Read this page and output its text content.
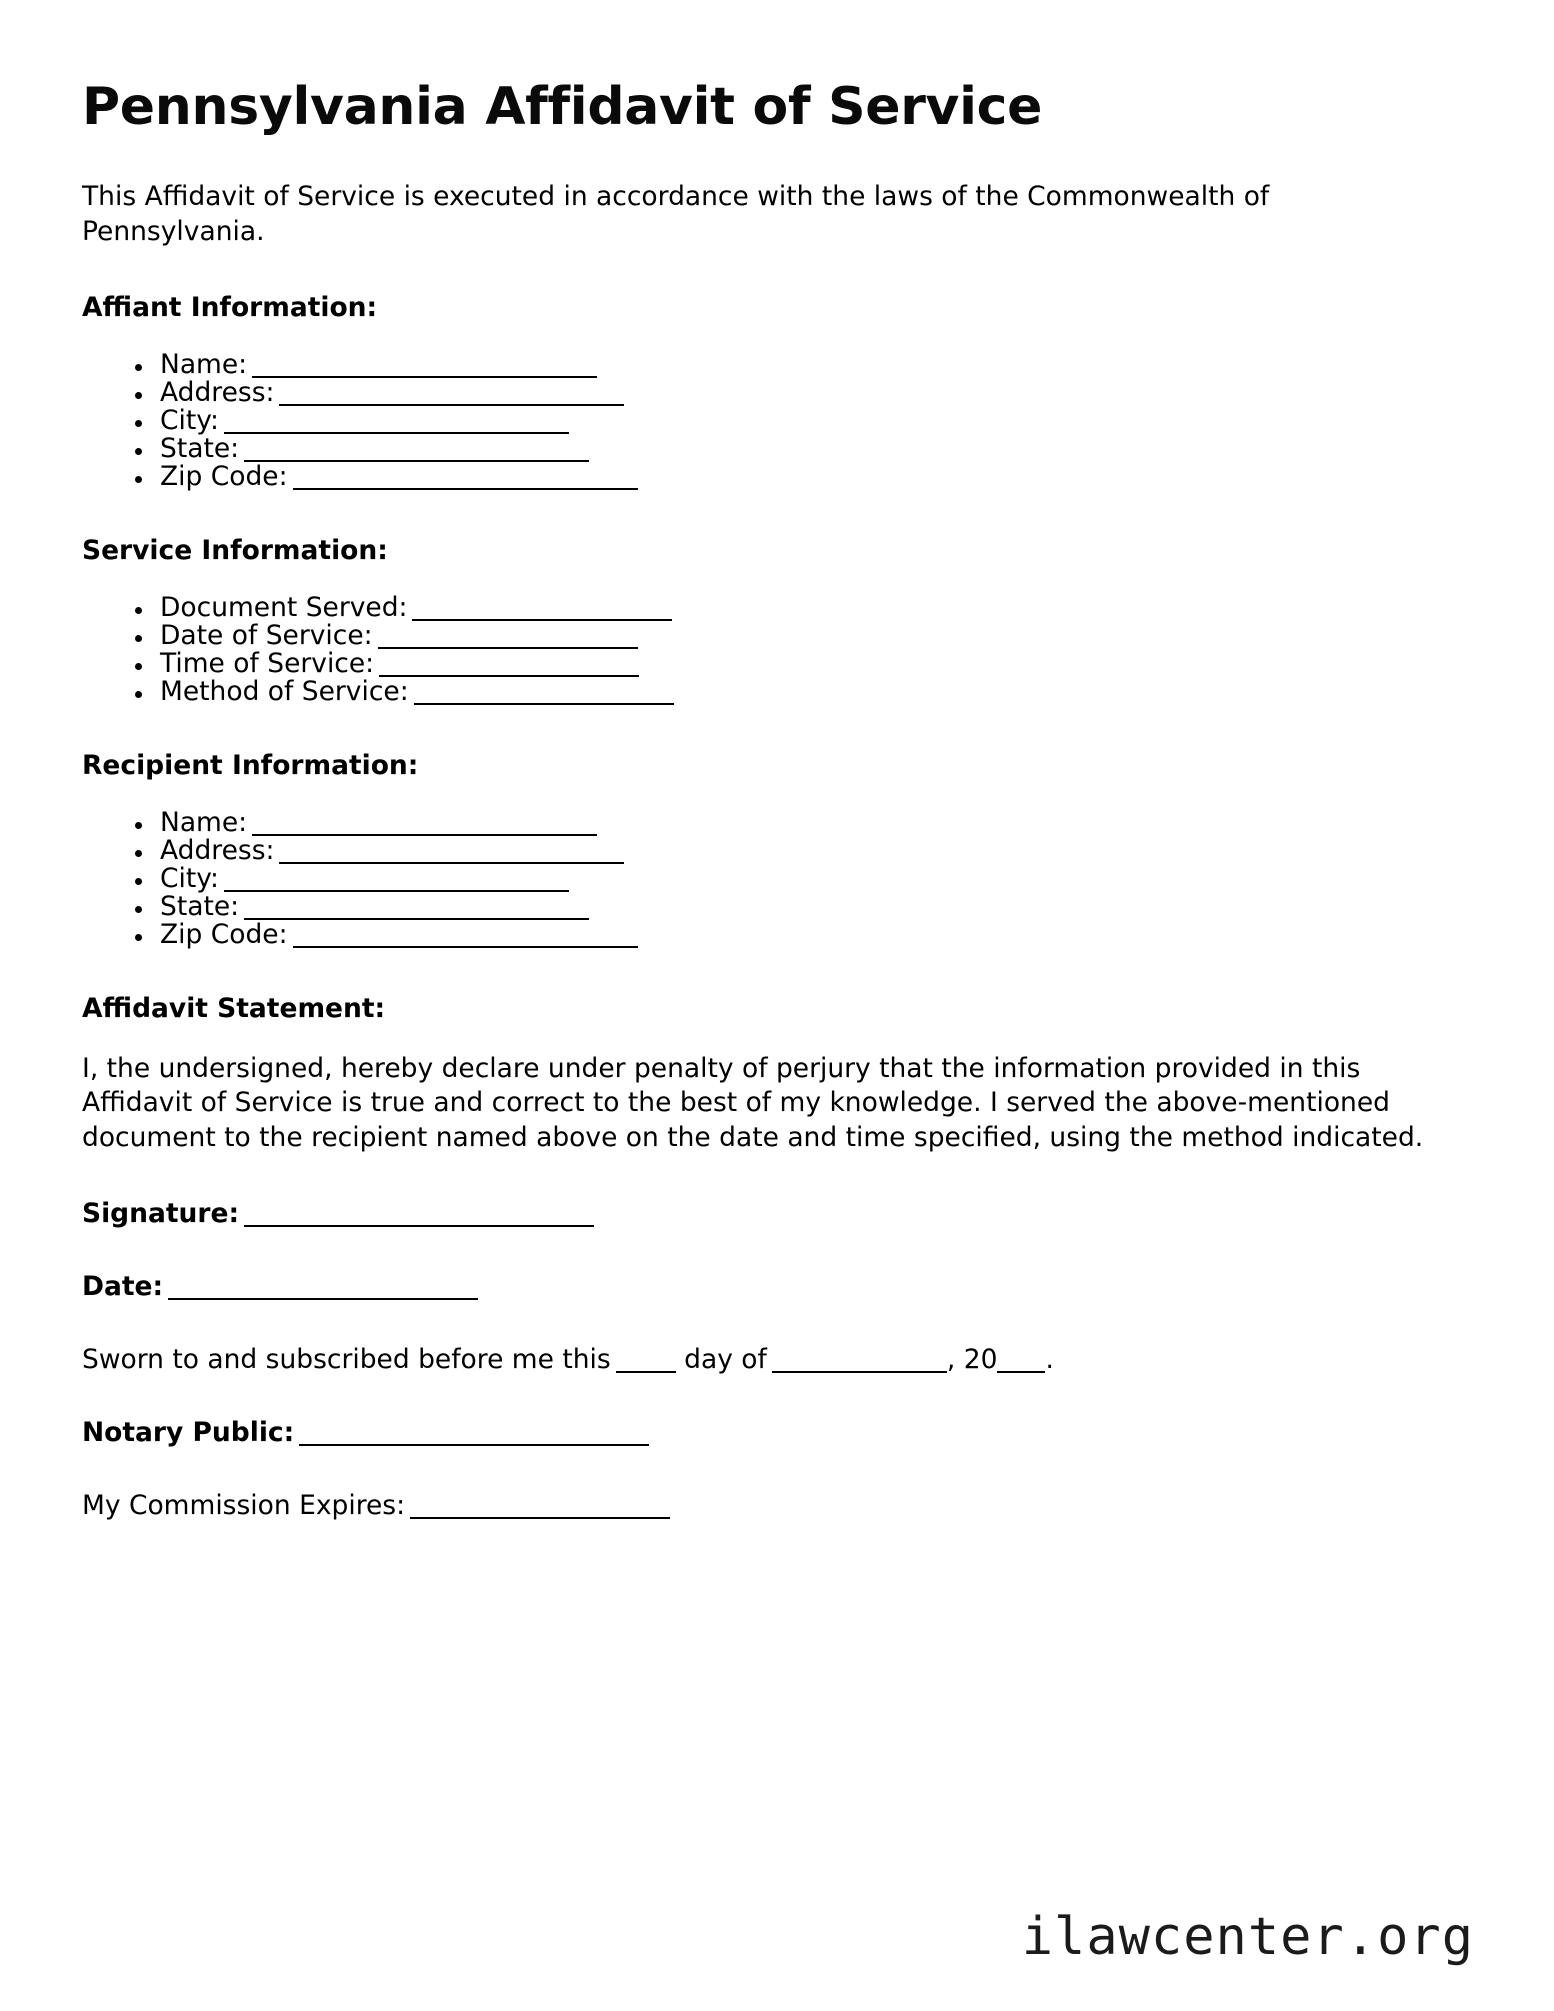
Pennsylvania Affidavit of Service

This Affidavit of Service is executed in accordance with the laws of the Commonwealth of Pennsylvania.

Affiant Information:
Name:
Address:
City:
State:
Zip Code:
Service Information:
Document Served:
Date of Service:
Time of Service:
Method of Service:
Recipient Information:
Name:
Address:
City:
State:
Zip Code:
Affidavit Statement:

I, the undersigned, hereby declare under penalty of perjury that the information provided in this Affidavit of Service is true and correct to the best of my knowledge. I served the above-mentioned document to the recipient named above on the date and time specified, using the method indicated.

Signature:
Date:
Sworn to and subscribed before me this	day of	, 20 .
Notary Public:
My Commission Expires:
ilawcenter.org
